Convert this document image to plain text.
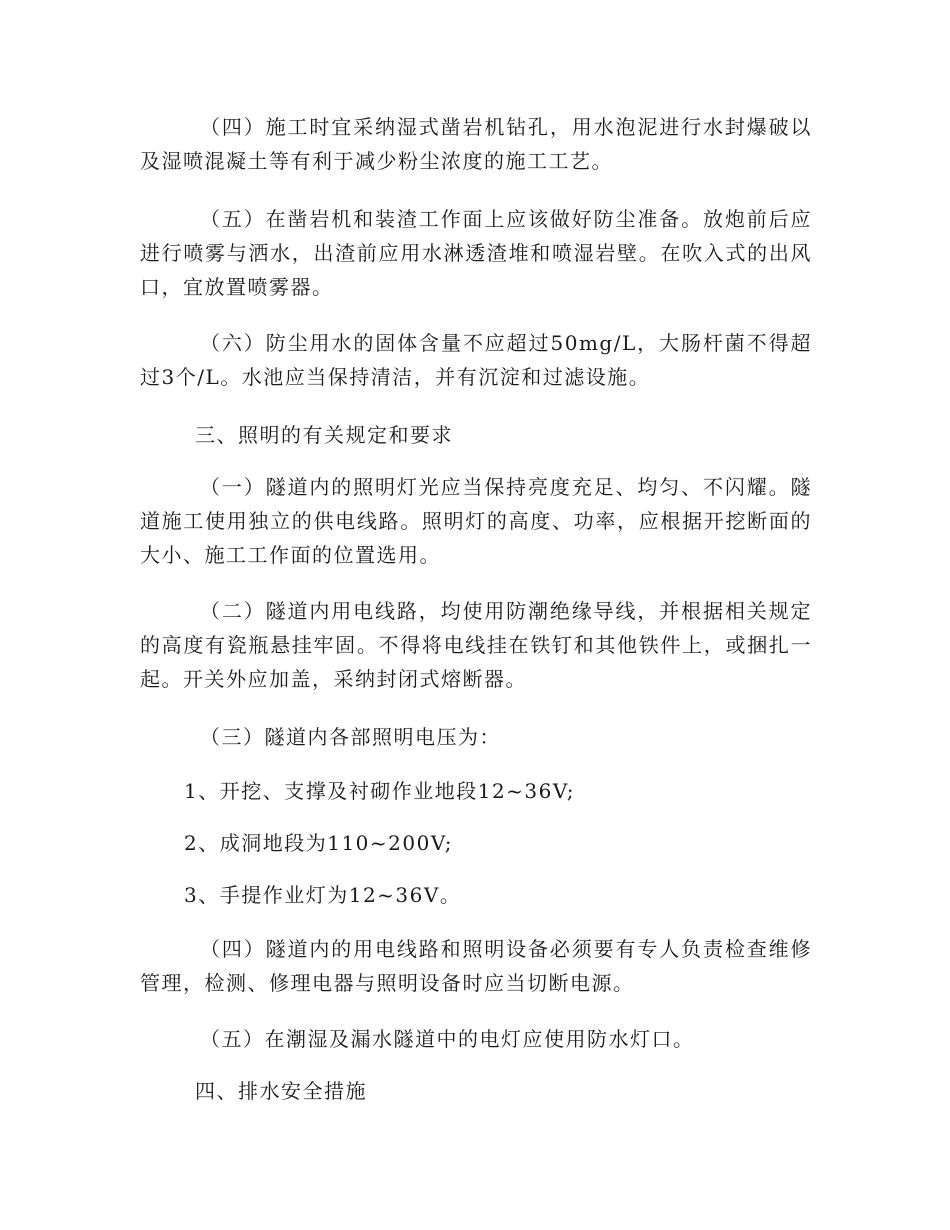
（四）施工时宜采纳湿式凿岩机钻孔，用水泡泥进行水封爆破以及湿喷混凝土等有利于减少粉尘浓度的施工工艺。

（五）在凿岩机和装渣工作面上应该做好防尘准备。放炮前后应进行喷雾与洒水，出渣前应用水淋透渣堆和喷湿岩壁。在吹入式的出风口，宜放置喷雾器。

（六）防尘用水的固体含量不应超过50mg/L，大肠杆菌不得超过3个/L。水池应当保持清洁，并有沉淀和过滤设施。

三、照明的有关规定和要求

（一）隧道内的照明灯光应当保持亮度充足、均匀、不闪耀。隧道施工使用独立的供电线路。照明灯的高度、功率，应根据开挖断面的大小、施工工作面的位置选用。

（二）隧道内用电线路，均使用防潮绝缘导线，并根据相关规定的高度有瓷瓶悬挂牢固。不得将电线挂在铁钉和其他铁件上，或捆扎一起。开关外应加盖，采纳封闭式熔断器。

（三）隧道内各部照明电压为：

1、开挖、支撑及衬砌作业地段12~36V;

2、成洞地段为110~200V;

3、手提作业灯为12~36V。

（四）隧道内的用电线路和照明设备必须要有专人负责检查维修管理，检测、修理电器与照明设备时应当切断电源。

（五）在潮湿及漏水隧道中的电灯应使用防水灯口。

四、排水安全措施
